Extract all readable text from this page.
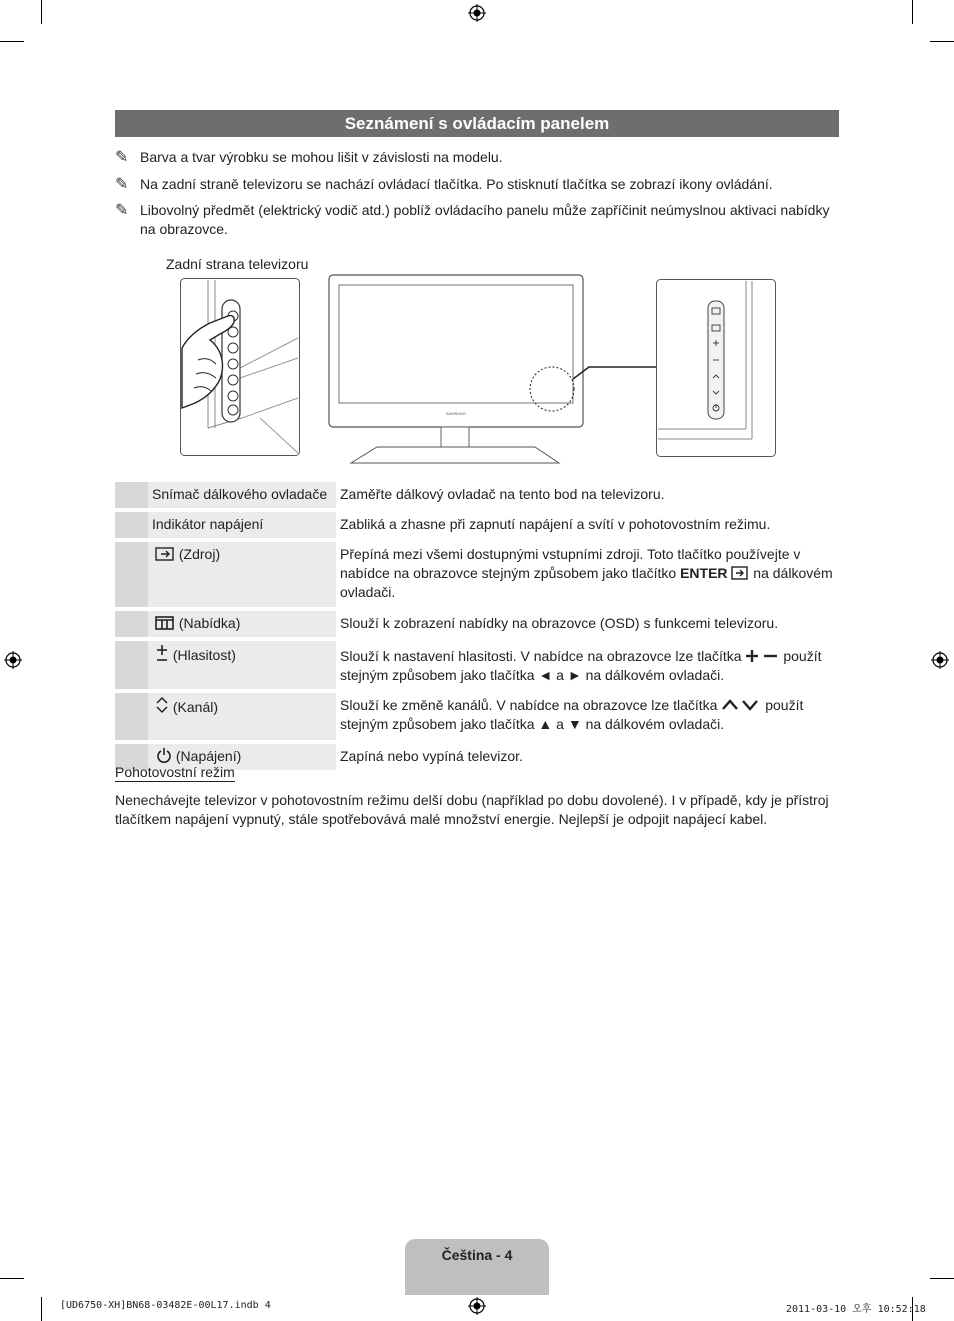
Seznámení s ovládacím panelem
✎ Barva a tvar výrobku se mohou lišit v závislosti na modelu.
✎ Na zadní straně televizoru se nachází ovládací tlačítka. Po stisknutí tlačítka se zobrazí ikony ovládání.
✎ Libovolný předmět (elektrický vodič atd.) poblíž ovládacího panelu může zapříčinit neúmyslnou aktivaci nabídky na obrazovce.
Zadní strana televizoru
SAMSUNG
	Snímač dálkového ovladače	Zaměřte dálkový ovladač na tento bod na televizoru.
	Indikátor napájení	Zabliká a zhasne při zapnutí napájení a svítí v pohotovostním režimu.
	(Zdroj)	Přepíná mezi všemi dostupnými vstupními zdroji. Toto tlačítko používejte v nabídce na obrazovce stejným způsobem jako tlačítko ENTER  na dálkovém ovladači.
	(Nabídka)	Slouží k zobrazení nabídky na obrazovce (OSD) s funkcemi televizoru.
	(Hlasitost)	Slouží k nastavení hlasitosti. V nabídce na obrazovce lze tlačítka  použít stejným způsobem jako tlačítka ◄ a ► na dálkovém ovladači.
	(Kanál)	Slouží ke změně kanálů. V nabídce na obrazovce lze tlačítka použít stejným způsobem jako tlačítka ▲ a ▼ na dálkovém ovladači.
	(Napájení)	Zapíná nebo vypíná televizor.
Pohotovostní režim
Nenechávejte televizor v pohotovostním režimu delší dobu (například po dobu dovolené). I v případě, kdy je přístroj tlačítkem napájení vypnutý, stále spotřebovává malé množství energie. Nejlepší je odpojit napájecí kabel.
Čeština - 4
[UD6750-XH]BN68-03482E-00L17.indb 4	2011-03-10 오후 10:52:18
